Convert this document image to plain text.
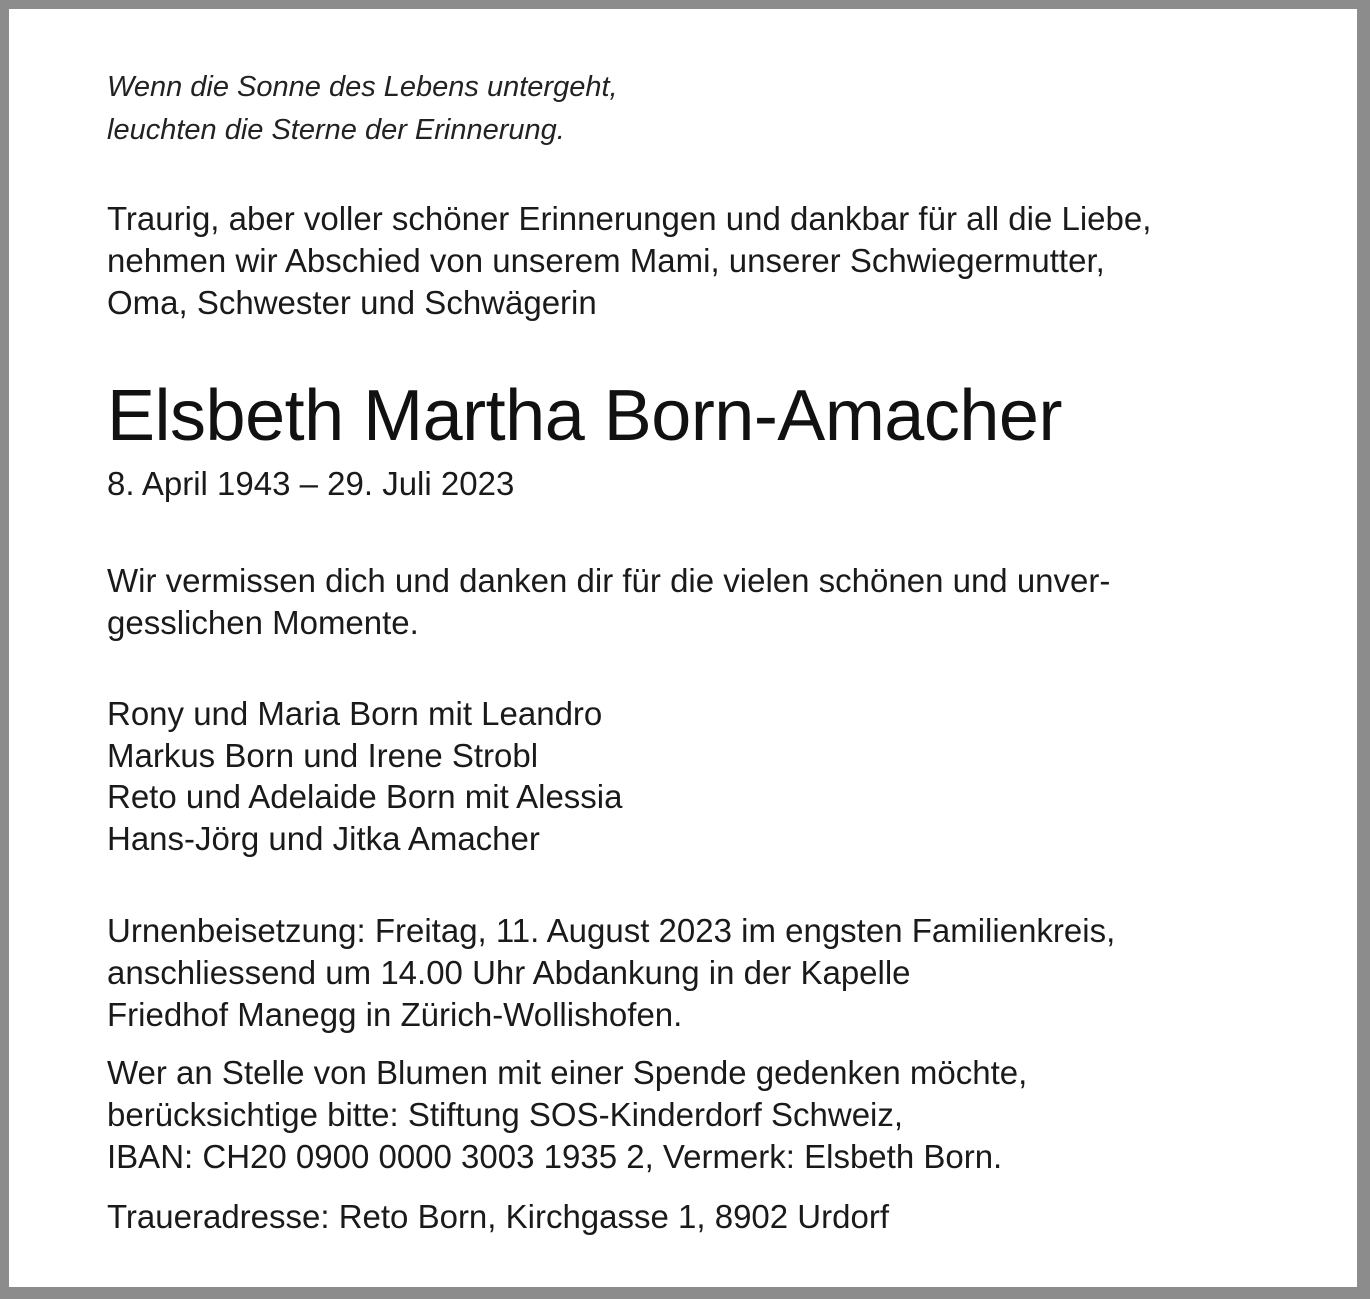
Wenn die Sonne des Lebens untergeht,
leuchten die Sterne der Erinnerung.

Traurig, aber voller schöner Erinnerungen und dankbar für all die Liebe,
nehmen wir Abschied von unserem Mami, unserer Schwiegermutter,
Oma, Schwester und Schwägerin

Elsbeth Martha Born-Amacher

8. April 1943 – 29. Juli 2023

Wir vermissen dich und danken dir für die vielen schönen und unver-
gesslichen Momente.

Rony und Maria Born mit Leandro
Markus Born und Irene Strobl
Reto und Adelaide Born mit Alessia
Hans-Jörg und Jitka Amacher

Urnenbeisetzung: Freitag, 11. August 2023 im engsten Familienkreis,
anschliessend um 14.00 Uhr Abdankung in der Kapelle
Friedhof Manegg in Zürich-Wollishofen.

Wer an Stelle von Blumen mit einer Spende gedenken möchte,
berücksichtige bitte: Stiftung SOS-Kinderdorf Schweiz,
IBAN: CH20 0900 0000 3003 1935 2, Vermerk: Elsbeth Born.

Traueradresse: Reto Born, Kirchgasse 1, 8902 Urdorf
